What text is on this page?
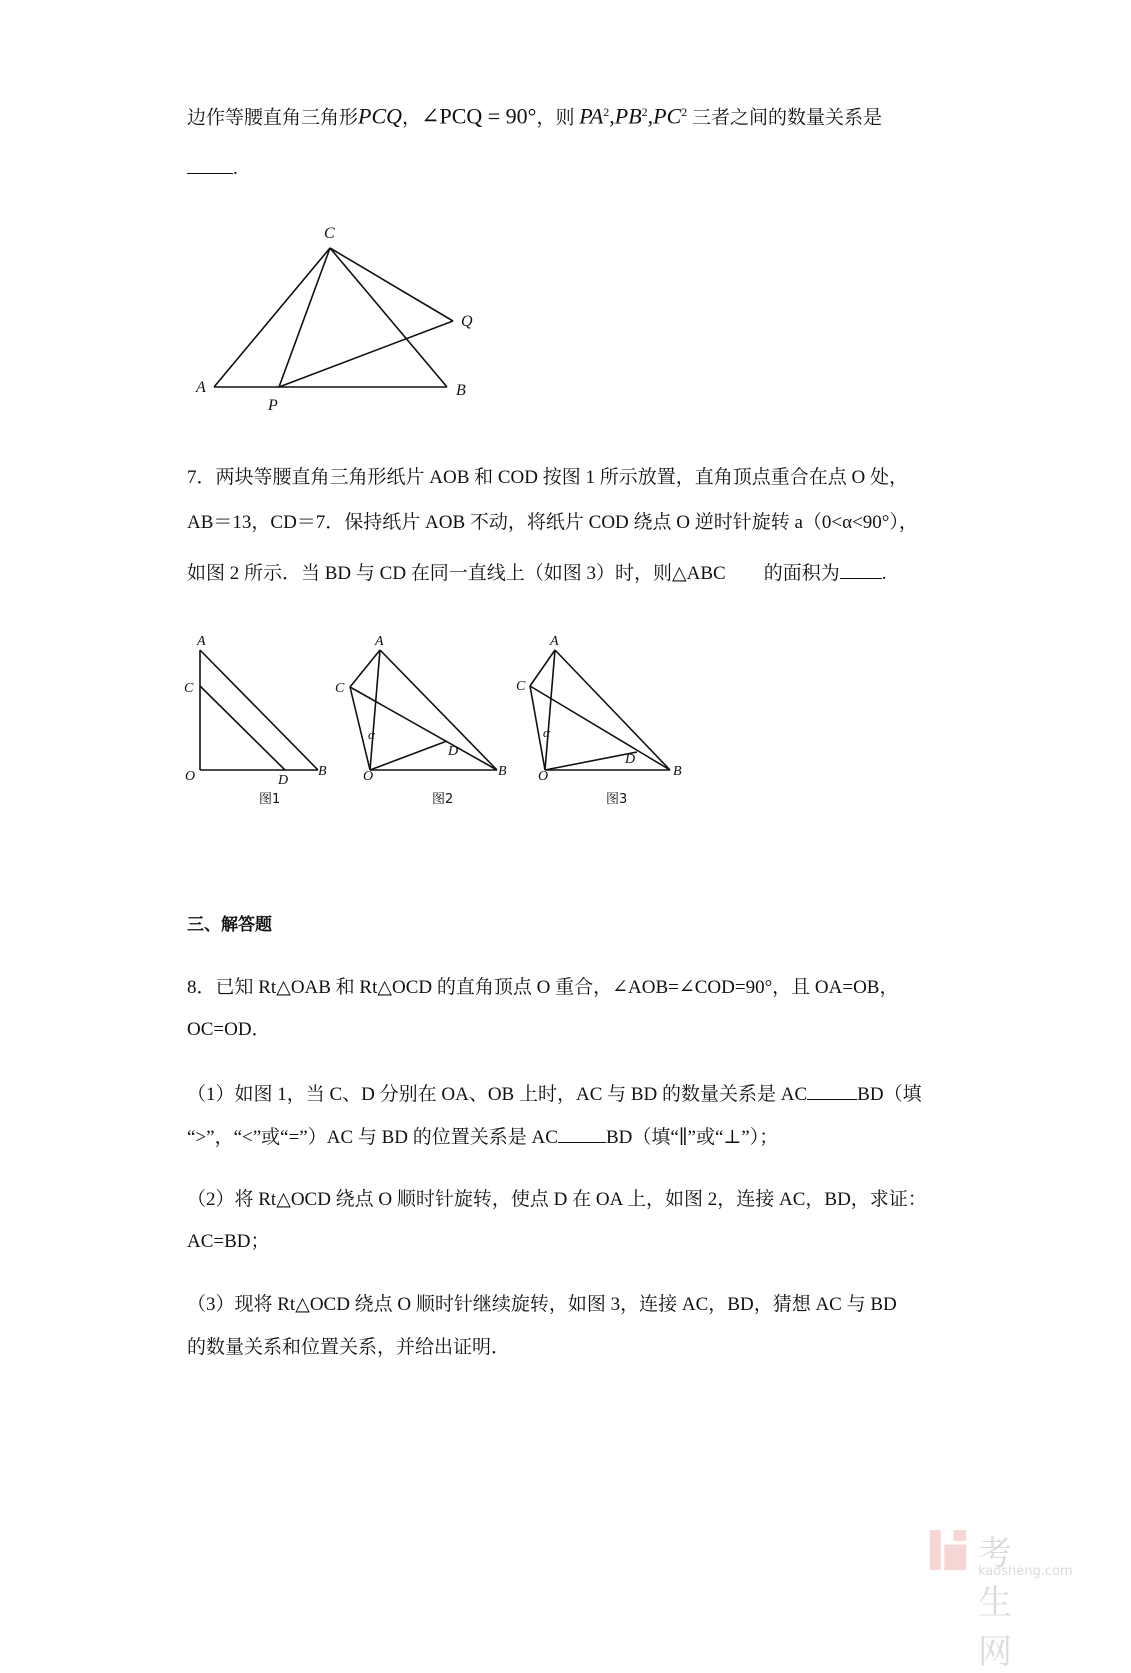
边作等腰直角三角形PCQ，∠PCQ = 90°，则 $PA^2,PB^2,PC^2$ 三者之间的数量关系是
.
C
Q
A	B
P
A
C
O	D
B
图1
A
C
α
D
O	B
图2
A
C
α
D
O	B
图3
7．两块等腰直角三角形纸片 AOB 和 COD 按图 1 所示放置，直角顶点重合在点 O 处，
AB＝13，CD＝7．保持纸片 AOB 不动，将纸片 COD 绕点 O 逆时针旋转 a（0<α<90°），
如图 2 所示．当 BD 与 CD 在同一直线上（如图 3）时，则△ABC 的面积为 .
三、解答题
8．已知 Rt△OAB 和 Rt△OCD 的直角顶点 O 重合，∠AOB=∠COD=90°，且 OA=OB，
OC=OD．
（1）如图 1，当 C、D 分别在 OA、OB 上时，AC 与 BD 的数量关系是 AC	BD（填
“>”，“<”或“=”）AC 与 BD 的位置关系是 AC	BD（填“∥”或“⊥”）；
（2）将 Rt△OCD 绕点 O 顺时针旋转，使点 D 在 OA 上，如图 2，连接 AC，BD，求证：
AC=BD；
（3）现将 Rt△OCD 绕点 O 顺时针继续旋转，如图 3，连接 AC，BD，猜想 AC 与 BD
的数量关系和位置关系，并给出证明．
考生网
kaosheng.com
